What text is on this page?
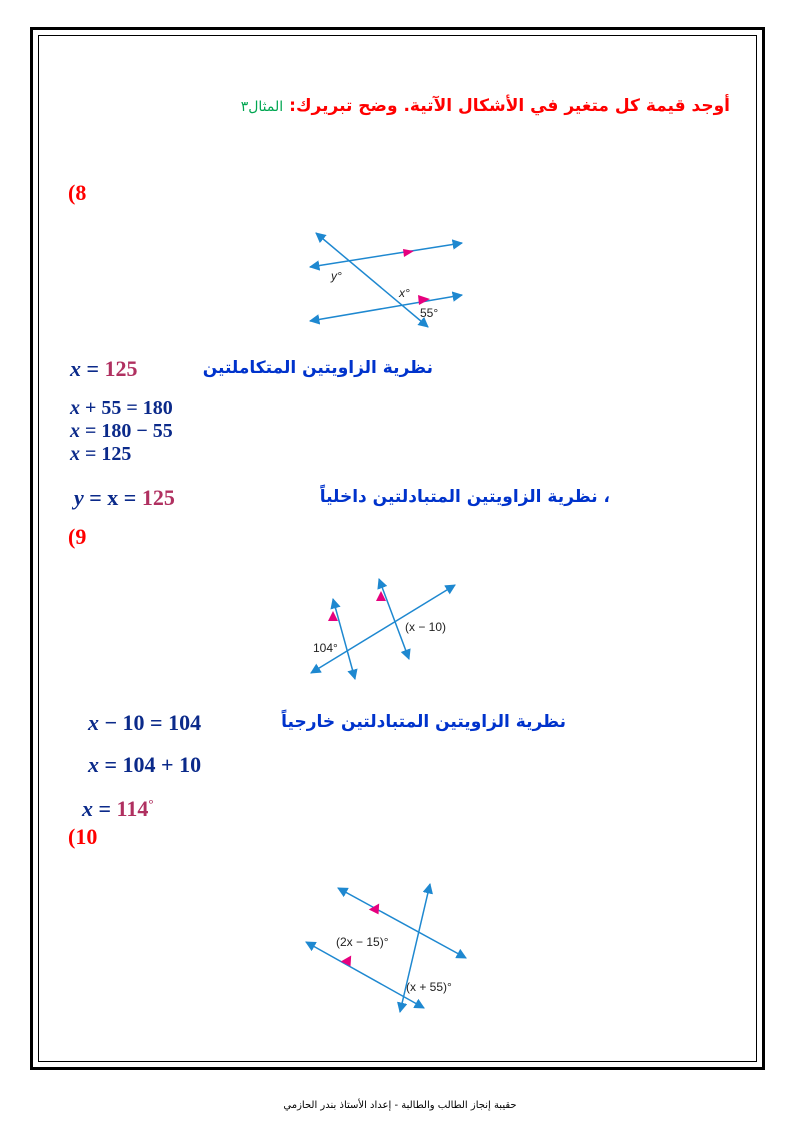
أوجد قيمة كل متغير في الأشكال الآتية. وضح تبريرك:المثال٣
(8
y°
x°
55°
نظرية الزاويتين المتكاملتين
x = 125
x + 55 = 180
x = 180 − 55
x = 125
، نظرية الزاويتين المتبادلتين داخلياً
y = x = 125
(9
104°
(x − 10)
نظرية الزاويتين المتبادلتين خارجياً
x − 10 = 104
x = 104 + 10
x = 114°
(10
(2x − 15)°
(x + 55)°
حقيبة إنجاز الطالب والطالبة - إعداد الأستاذ بندر الحازمي
